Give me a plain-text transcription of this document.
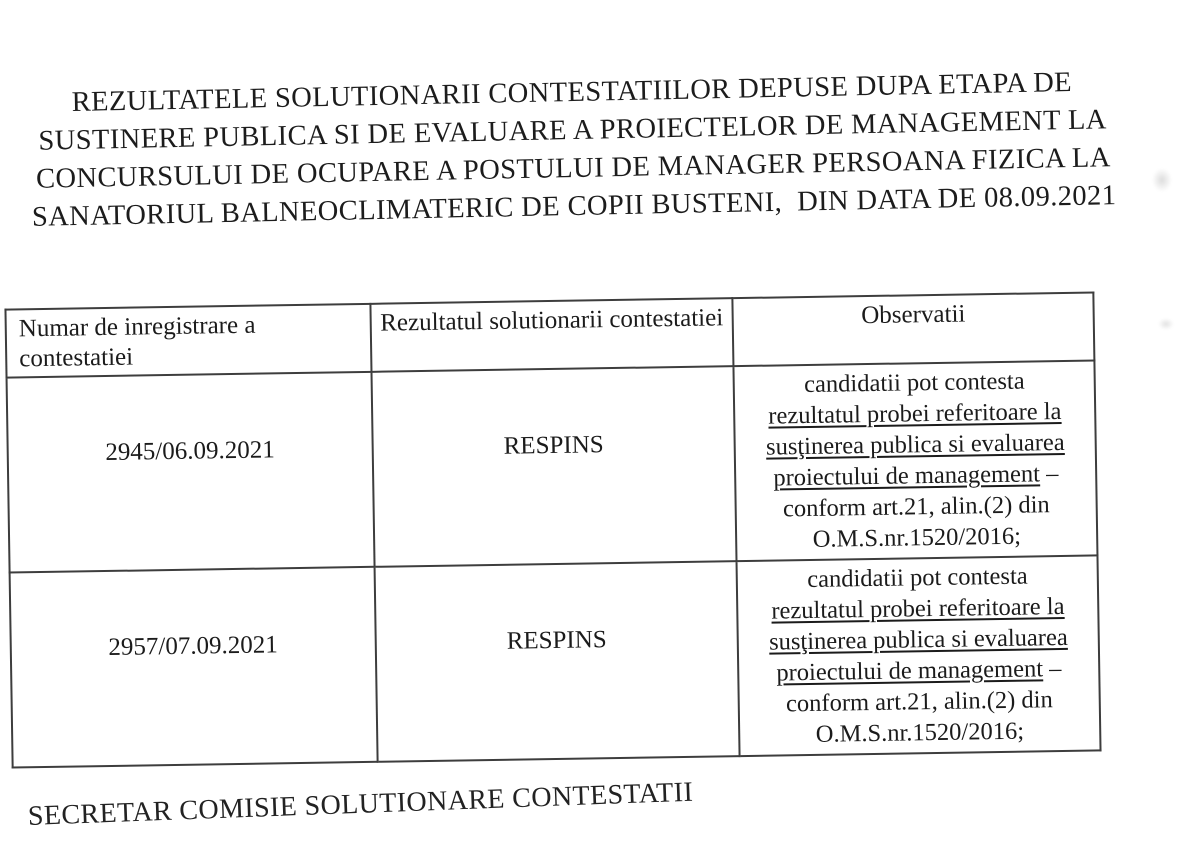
REZULTATELE SOLUTIONARII CONTESTATIILOR DEPUSE DUPA ETAPA DE
SUSTINERE PUBLICA SI DE EVALUARE A PROIECTELOR DE MANAGEMENT LA
CONCURSULUI DE OCUPARE A POSTULUI DE MANAGER PERSOANA FIZICA LA
SANATORIUL BALNEOCLIMATERIC DE COPII BUSTENI,  DIN DATA DE 08.09.2021
Numar de inregistrare a contestatiei	Rezultatul solutionarii contestatiei	Observatii
2945/06.09.2021	RESPINS	
candidatii pot contesta
rezultatul probei referitoare la
susţinerea publica si evaluarea
proiectului de management –
conform art.21, alin.(2) din
O.M.S.nr.1520/2016;

2957/07.09.2021	RESPINS	
candidatii pot contesta
rezultatul probei referitoare la
susţinerea publica si evaluarea
proiectului de management –
conform art.21, alin.(2) din
O.M.S.nr.1520/2016;
SECRETAR COMISIE SOLUTIONARE CONTESTATII
